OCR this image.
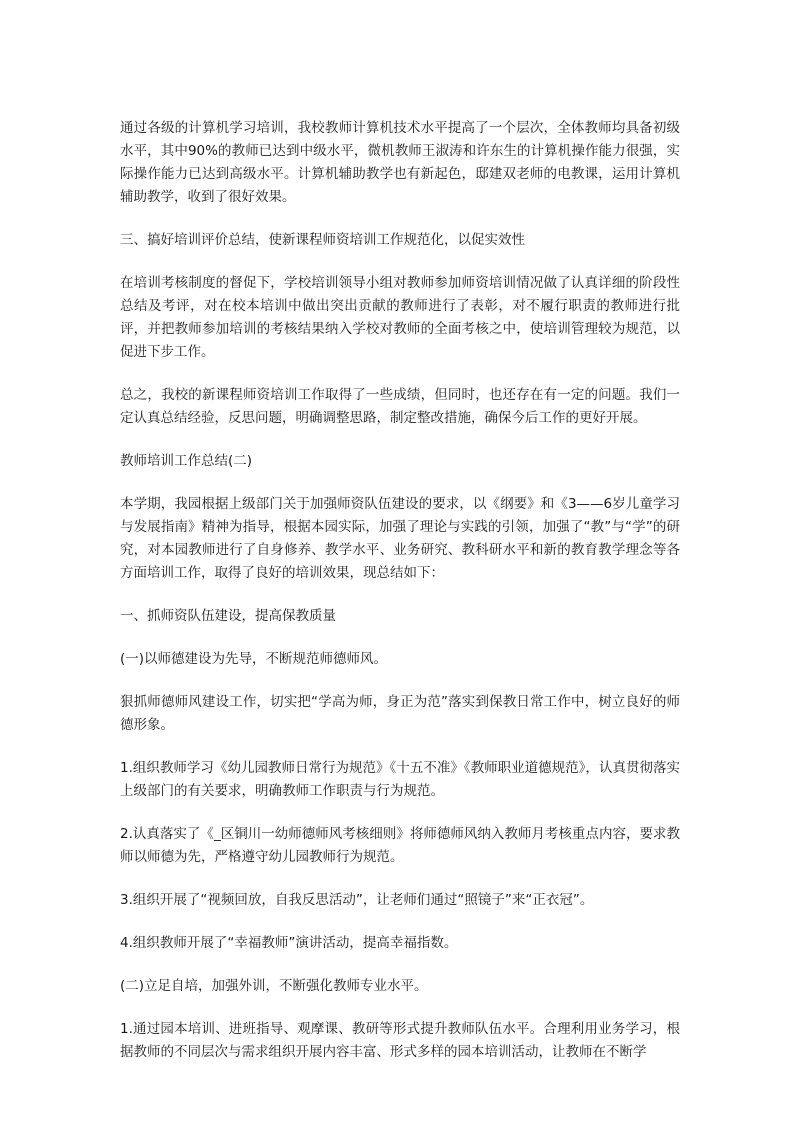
通过各级的计算机学习培训，我校教师计算机技术水平提高了一个层次，全体教师均具备初级水平，其中90%的教师已达到中级水平，微机教师王淑涛和许东生的计算机操作能力很强，实际操作能力已达到高级水平。计算机辅助教学也有新起色，邸建双老师的电教课，运用计算机辅助教学，收到了很好效果。

三、搞好培训评价总结，使新课程师资培训工作规范化，以促实效性

在培训考核制度的督促下，学校培训领导小组对教师参加师资培训情况做了认真详细的阶段性总结及考评，对在校本培训中做出突出贡献的教师进行了表彰，对不履行职责的教师进行批评，并把教师参加培训的考核结果纳入学校对教师的全面考核之中，使培训管理较为规范，以促进下步工作。

总之，我校的新课程师资培训工作取得了一些成绩，但同时，也还存在有一定的问题。我们一定认真总结经验，反思问题，明确调整思路，制定整改措施，确保今后工作的更好开展。

教师培训工作总结(二)

本学期，我园根据上级部门关于加强师资队伍建设的要求，以《纲要》和《3——6岁儿童学习与发展指南》精神为指导，根据本园实际，加强了理论与实践的引领，加强了“教”与“学”的研究，对本园教师进行了自身修养、教学水平、业务研究、教科研水平和新的教育教学理念等各方面培训工作，取得了良好的培训效果，现总结如下：

一、抓师资队伍建设，提高保教质量

(一)以师德建设为先导，不断规范师德师风。

狠抓师德师风建设工作，切实把“学高为师，身正为范”落实到保教日常工作中，树立良好的师德形象。

1.组织教师学习《幼儿园教师日常行为规范》《十五不准》《教师职业道德规范》，认真贯彻落实上级部门的有关要求，明确教师工作职责与行为规范。

2.认真落实了《_区铜川一幼师德师风考核细则》将师德师风纳入教师月考核重点内容，要求教师以师德为先，严格遵守幼儿园教师行为规范。

3.组织开展了“视频回放，自我反思活动”，让老师们通过“照镜子”来“正衣冠”。

4.组织教师开展了“幸福教师”演讲活动，提高幸福指数。

(二)立足自培，加强外训，不断强化教师专业水平。

1.通过园本培训、进班指导、观摩课、教研等形式提升教师队伍水平。合理利用业务学习，根据教师的不同层次与需求组织开展内容丰富、形式多样的园本培训活动，让教师在不断学
